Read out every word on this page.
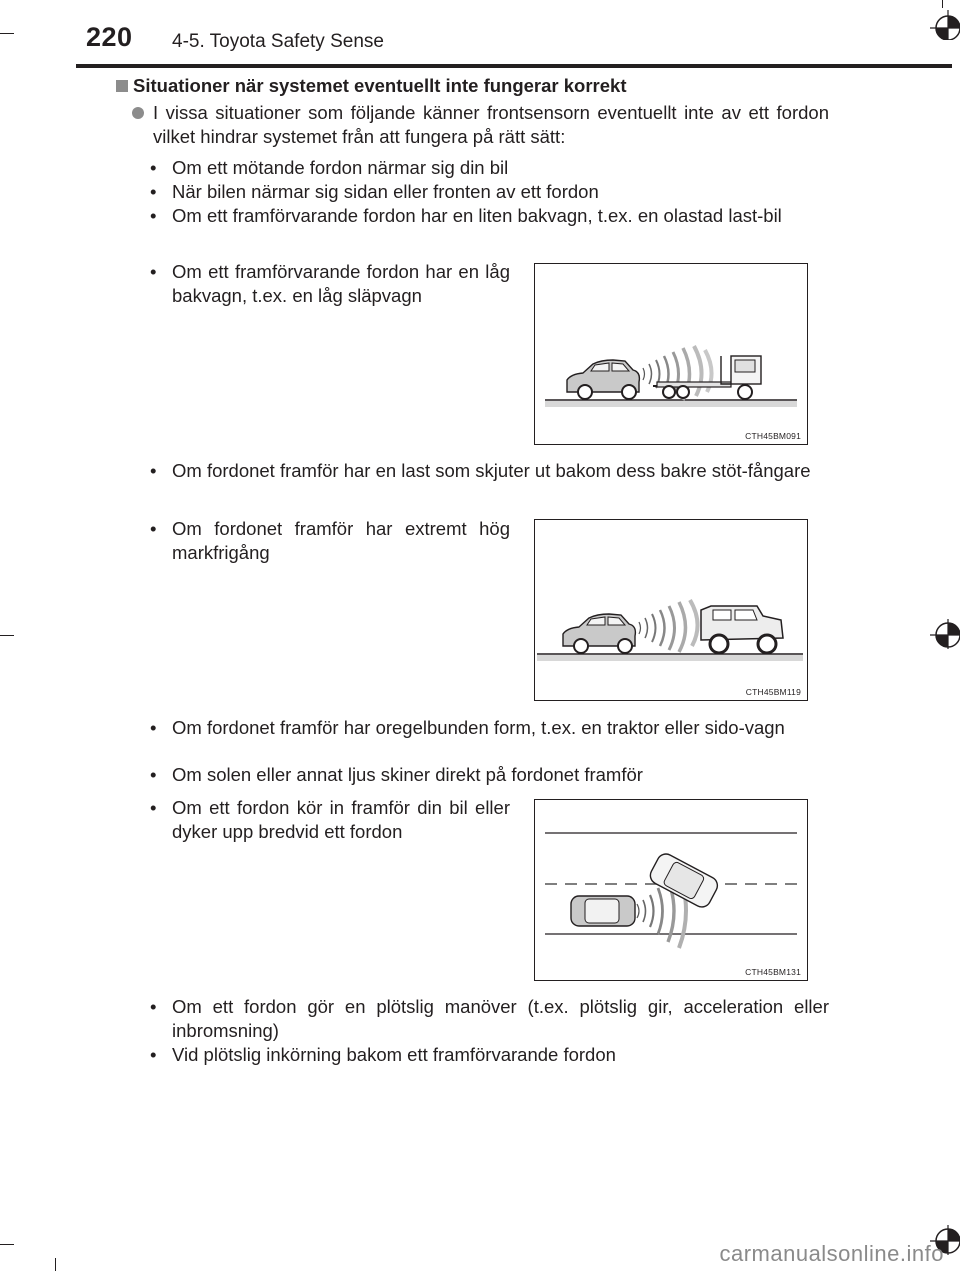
220 4-5. Toyota Safety Sense
Situationer när systemet eventuellt inte fungerar korrekt
I vissa situationer som följande känner frontsensorn eventuellt inte av ett fordon vilket hindrar systemet från att fungera på rätt sätt:
• Om ett mötande fordon närmar sig din bil
• När bilen närmar sig sidan eller fronten av ett fordon
• Om ett framförvarande fordon har en liten bakvagn, t.ex. en olastad last-bil
• Om ett framförvarande fordon har en låg bakvagn, t.ex. en låg släpvagn
CTH45BM091
• Om fordonet framför har en last som skjuter ut bakom dess bakre stöt-fångare
• Om fordonet framför har extremt hög markfrigång
CTH45BM119
• Om fordonet framför har oregelbunden form, t.ex. en traktor eller sido-vagn
• Om solen eller annat ljus skiner direkt på fordonet framför
• Om ett fordon kör in framför din bil eller dyker upp bredvid ett fordon
CTH45BM131
• Om ett fordon gör en plötslig manöver (t.ex. plötslig gir, acceleration eller inbromsning)
• Vid plötslig inkörning bakom ett framförvarande fordon
carmanualsonline.info
